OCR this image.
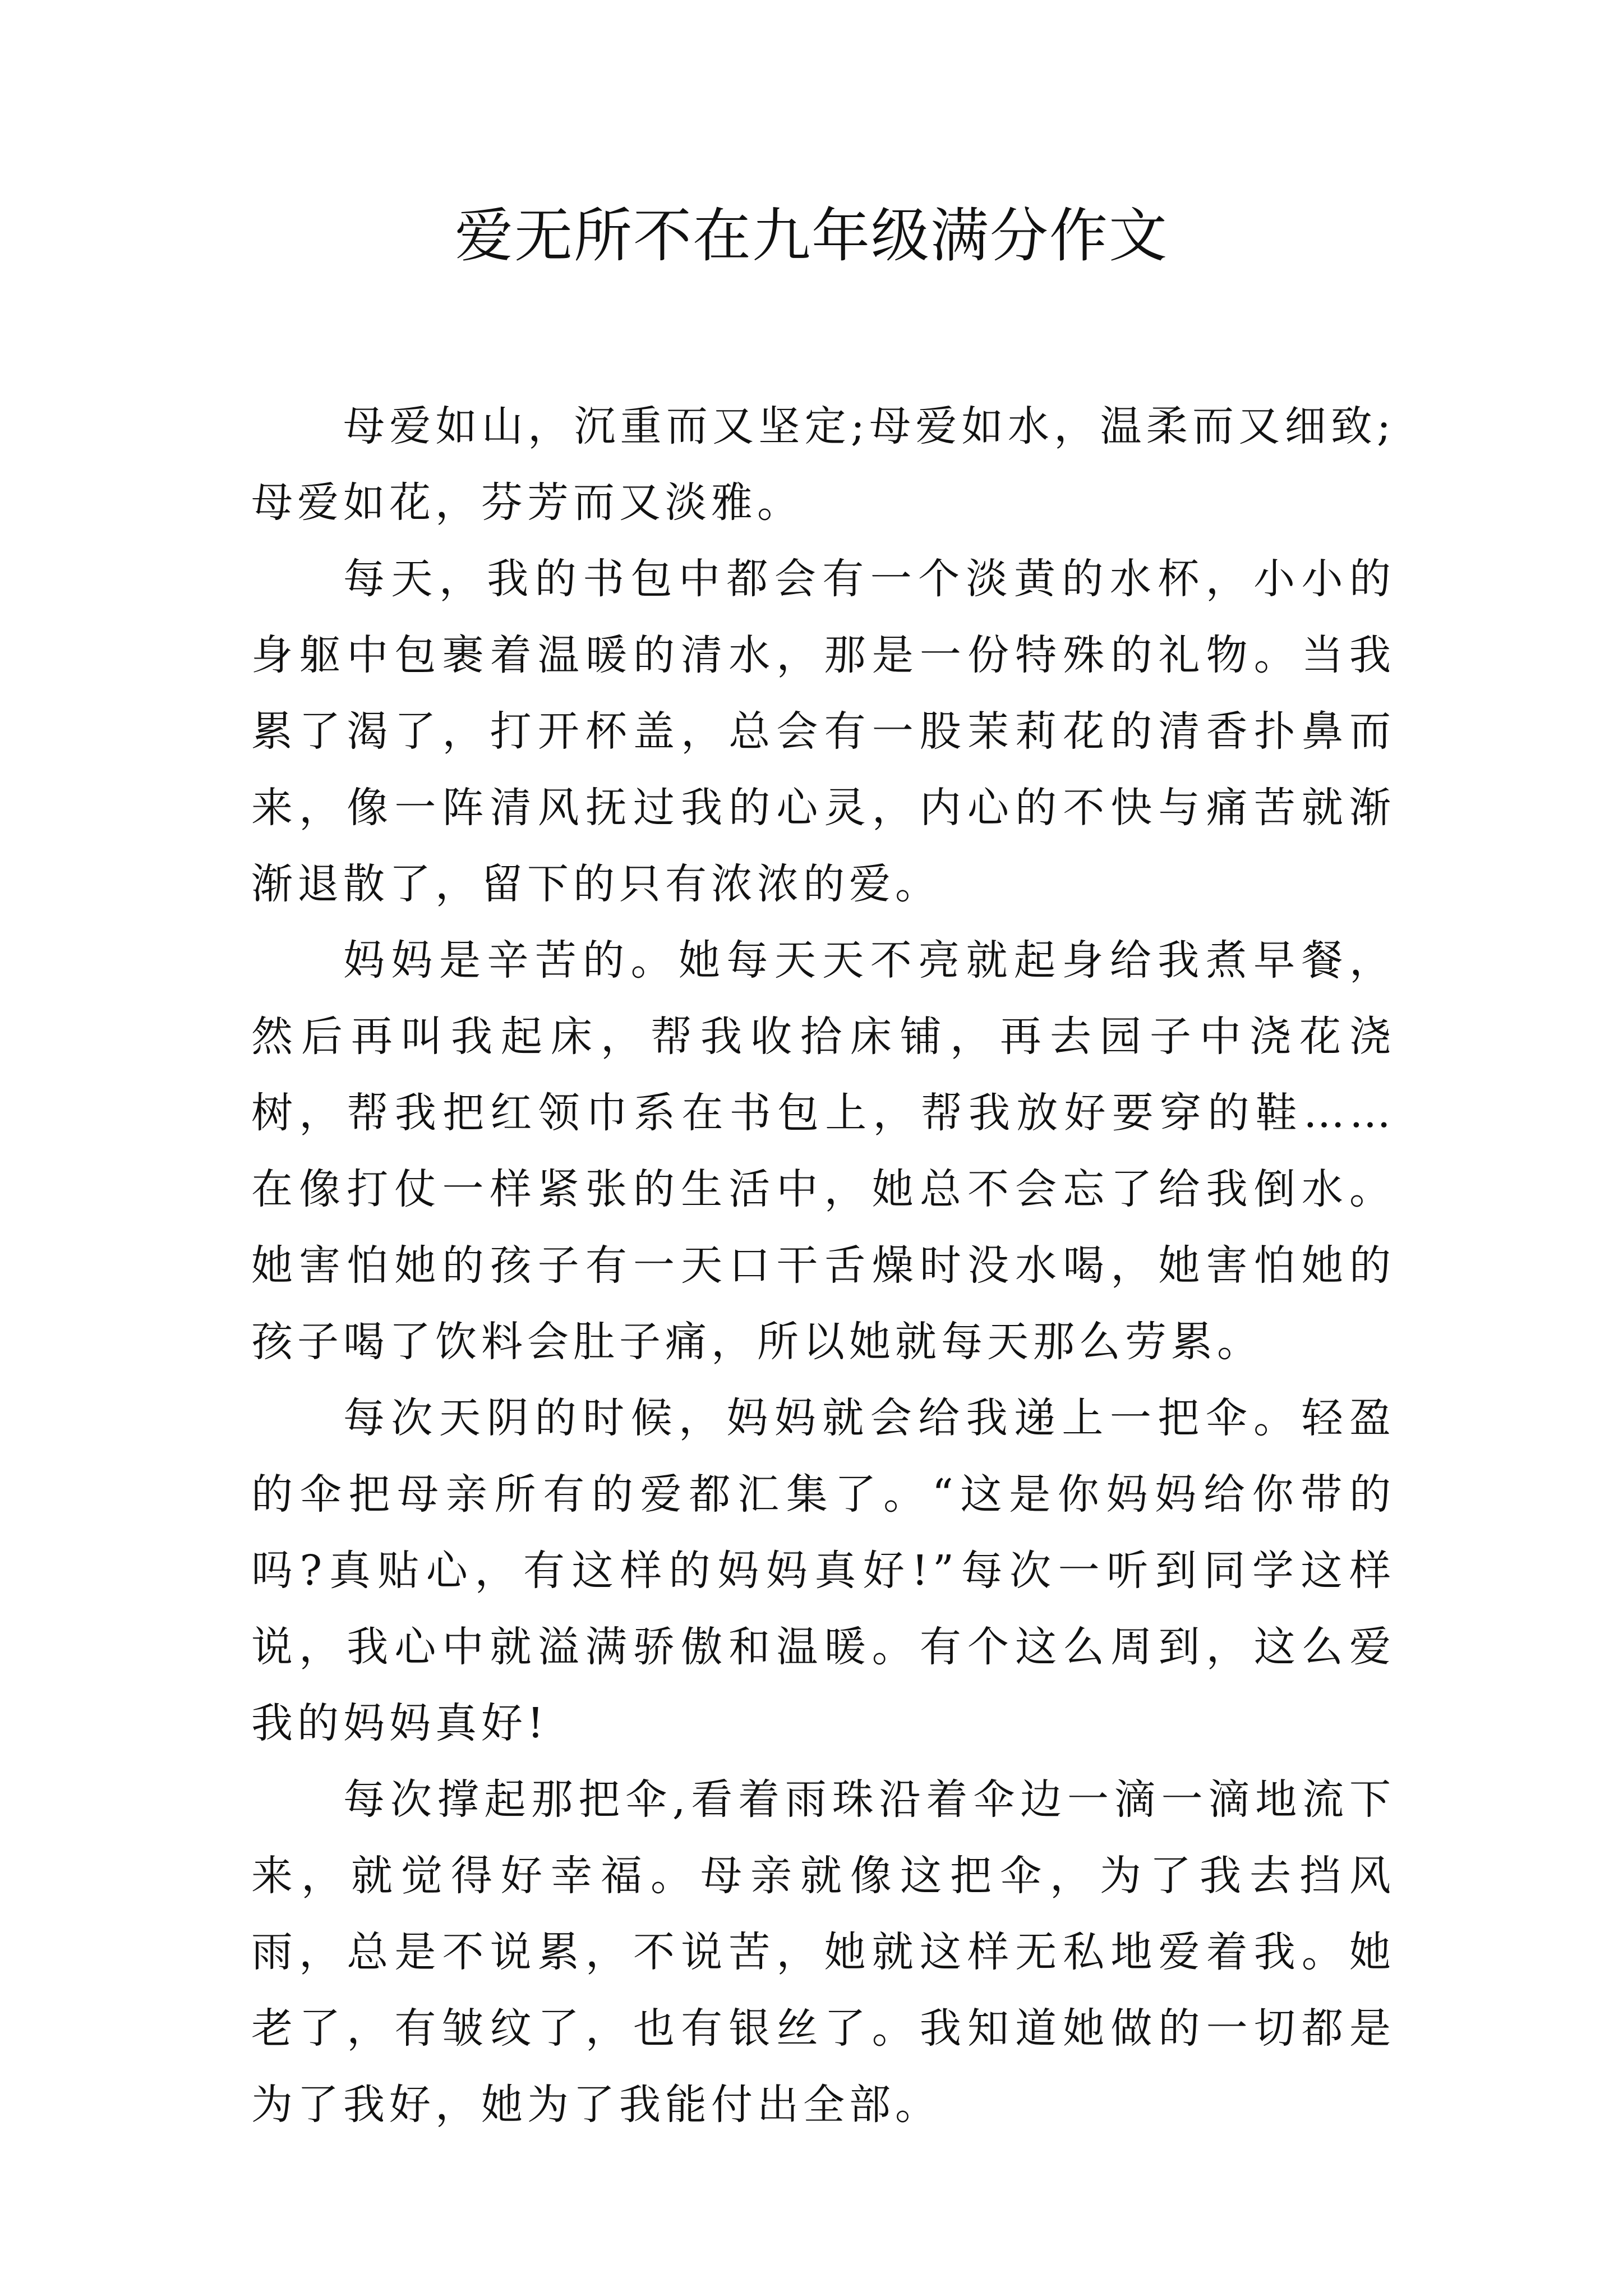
爱无所不在九年级满分作文

母爱如山，沉重而又坚定;母爱如水，温柔而又细致;母爱如花，芬芳而又淡雅。

每天，我的书包中都会有一个淡黄的水杯，小小的身躯中包裹着温暖的清水，那是一份特殊的礼物。当我累了渴了，打开杯盖，总会有一股茉莉花的清香扑鼻而来，像一阵清风抚过我的心灵，内心的不快与痛苦就渐渐退散了，留下的只有浓浓的爱。

妈妈是辛苦的。她每天天不亮就起身给我煮早餐，然后再叫我起床，帮我收拾床铺，再去园子中浇花浇树，帮我把红领巾系在书包上，帮我放好要穿的鞋……在像打仗一样紧张的生活中，她总不会忘了给我倒水。她害怕她的孩子有一天口干舌燥时没水喝，她害怕她的孩子喝了饮料会肚子痛，所以她就每天那么劳累。

每次天阴的时候，妈妈就会给我递上一把伞。轻盈的伞把母亲所有的爱都汇集了。“这是你妈妈给你带的吗?真贴心，有这样的妈妈真好!”每次一听到同学这样说，我心中就溢满骄傲和温暖。有个这么周到，这么爱我的妈妈真好!

每次撑起那把伞,看着雨珠沿着伞边一滴一滴地流下来，就觉得好幸福。母亲就像这把伞，为了我去挡风雨，总是不说累，不说苦，她就这样无私地爱着我。她老了，有皱纹了，也有银丝了。我知道她做的一切都是为了我好，她为了我能付出全部。
